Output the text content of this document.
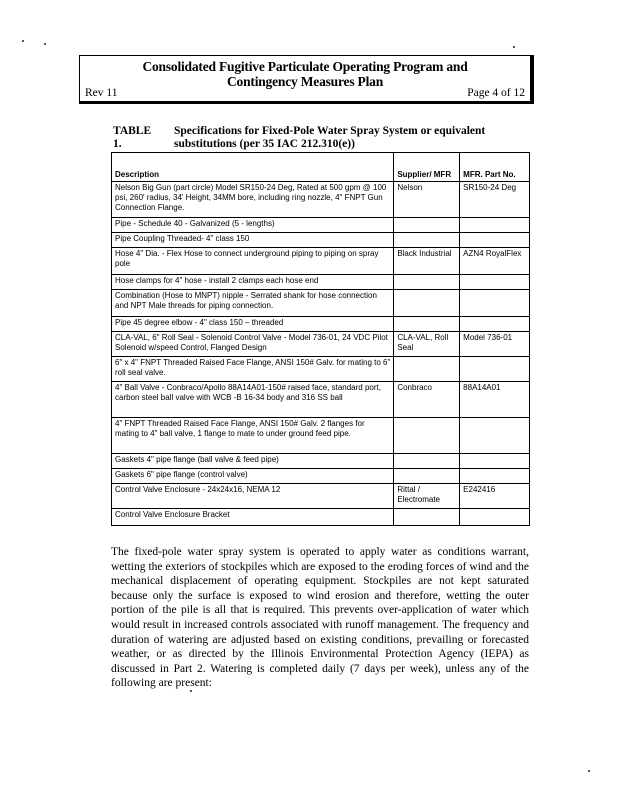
Consolidated Fugitive Particulate Operating Program and
Contingency Measures Plan
Rev 11	Page 4 of 12
TABLE 1.
Specifications for Fixed-Pole Water Spray System or equivalent
substitutions (per 35 IAC 212.310(e))
Description	Supplier/ MFR	MFR. Part No.
Nelson Big Gun (part circle) Model SR150-24 Deg, Rated at 500 gpm @ 100 psi, 260' radius, 34' Height, 34MM bore, including ring nozzle, 4" FNPT Gun Connection Flange.	Nelson	SR150-24 Deg
Pipe - Schedule 40 - Galvanized (5 - lengths)		
Pipe Coupling Threaded- 4" class 150		
Hose 4" Dia. - Flex Hose to connect underground piping to piping on spray pole	Black Industrial	AZN4 RoyalFlex
Hose clamps for 4" hose - install 2 clamps each hose end		
Combination (Hose to MNPT) nipple - Serrated shank for hose connection and NPT Male threads for piping connection.		
Pipe 45 degree elbow - 4" class 150 – threaded		
CLA-VAL, 6" Roll Seal - Solenoid Control Valve - Model 736-01, 24 VDC Pilot Solenoid w/speed Control, Flanged Design	CLA-VAL, Roll Seal	Model 736-01
6" x 4" FNPT Threaded Raised Face Flange, ANSI 150# Galv. for mating to 6" roll seal valve.		
4" Ball Valve - Conbraco/Apollo 88A14A01-150# raised face, standard port, carbon steel ball valve with WCB -B 16-34 body and 316 SS ball	Conbraco	88A14A01
4" FNPT Threaded Raised Face Flange, ANSI 150# Galv. 2 flanges for mating to 4" ball valve, 1 flange to mate to under ground feed pipe.		
Gaskets 4" pipe flange (ball valve & feed pipe)		
Gaskets 6" pipe flange (control valve)		
Control Valve Enclosure - 24x24x16, NEMA 12	Rittal / Electromate	E242416
Control Valve Enclosure Bracket		
The fixed-pole water spray system is operated to apply water as conditions warrant, wetting the exteriors of stockpiles which are exposed to the eroding forces of wind and the mechanical displacement of operating equipment. Stockpiles are not kept saturated because only the surface is exposed to wind erosion and therefore, wetting the outer portion of the pile is all that is required. This prevents over-application of water which would result in increased controls associated with runoff management. The frequency and duration of watering are adjusted based on existing conditions, prevailing or forecasted weather, or as directed by the Illinois Environmental Protection Agency (IEPA) as discussed in Part 2. Watering is completed daily (7 days per week), unless any of the following are present:
